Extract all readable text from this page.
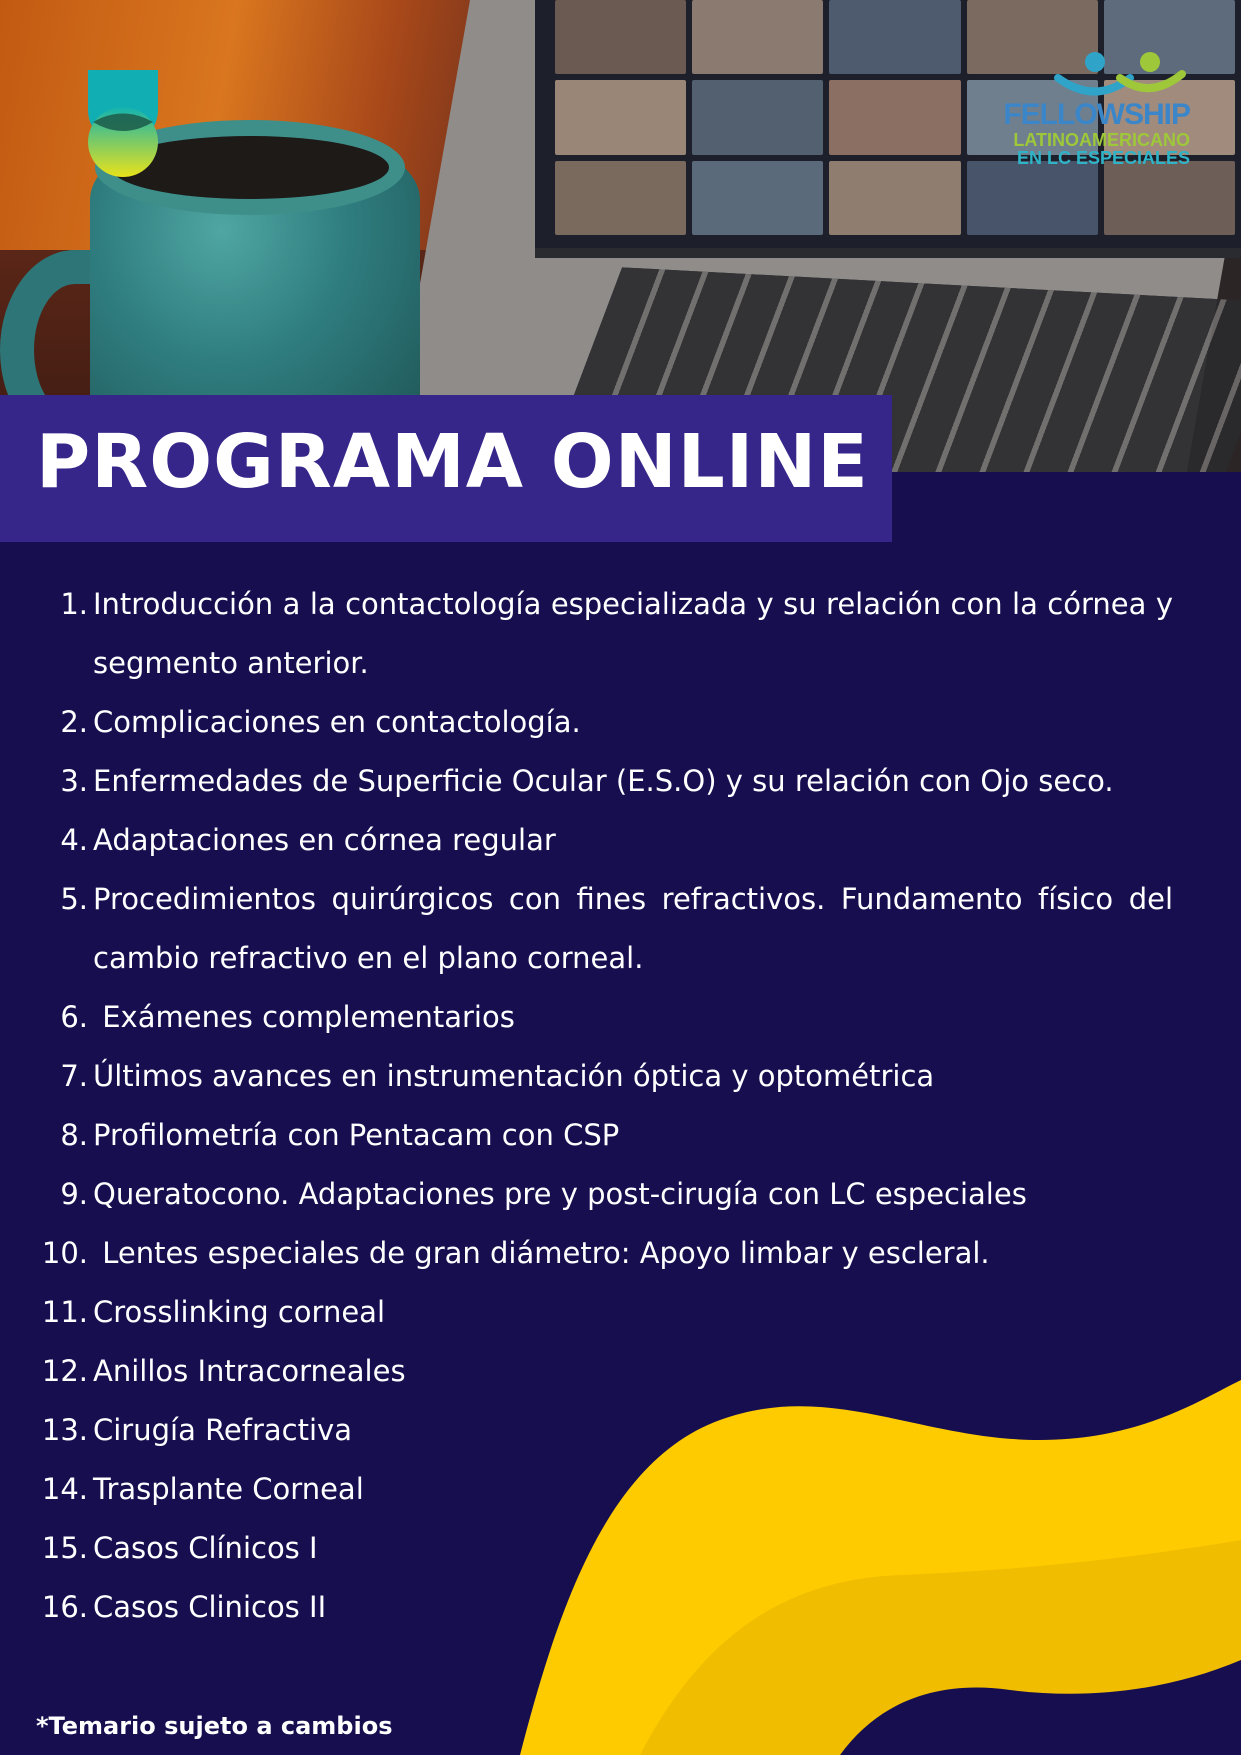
FELLOWSHIP
LATINOAMERICANO
EN LC ESPECIALES
PROGRAMA ONLINE
1. Introducción a la contactología especializada y su relación con la córnea y segmento anterior.
2. Complicaciones en contactología.
3. Enfermedades de Superficie Ocular (E.S.O) y su relación con Ojo seco.
4. Adaptaciones en córnea regular
5. Procedimientos quirúrgicos con fines refractivos. Fundamento físico del cambio refractivo en el plano corneal.
6. Exámenes complementarios
7. Últimos avances en instrumentación óptica y optométrica
8. Profilometría con Pentacam con CSP
9. Queratocono. Adaptaciones pre y post-cirugía con LC especiales
10. Lentes especiales de gran diámetro: Apoyo limbar y escleral.
11. Crosslinking corneal
12. Anillos Intracorneales
13. Cirugía Refractiva
14. Trasplante Corneal
15. Casos Clínicos I
16. Casos Clinicos II

*Temario sujeto a cambios
